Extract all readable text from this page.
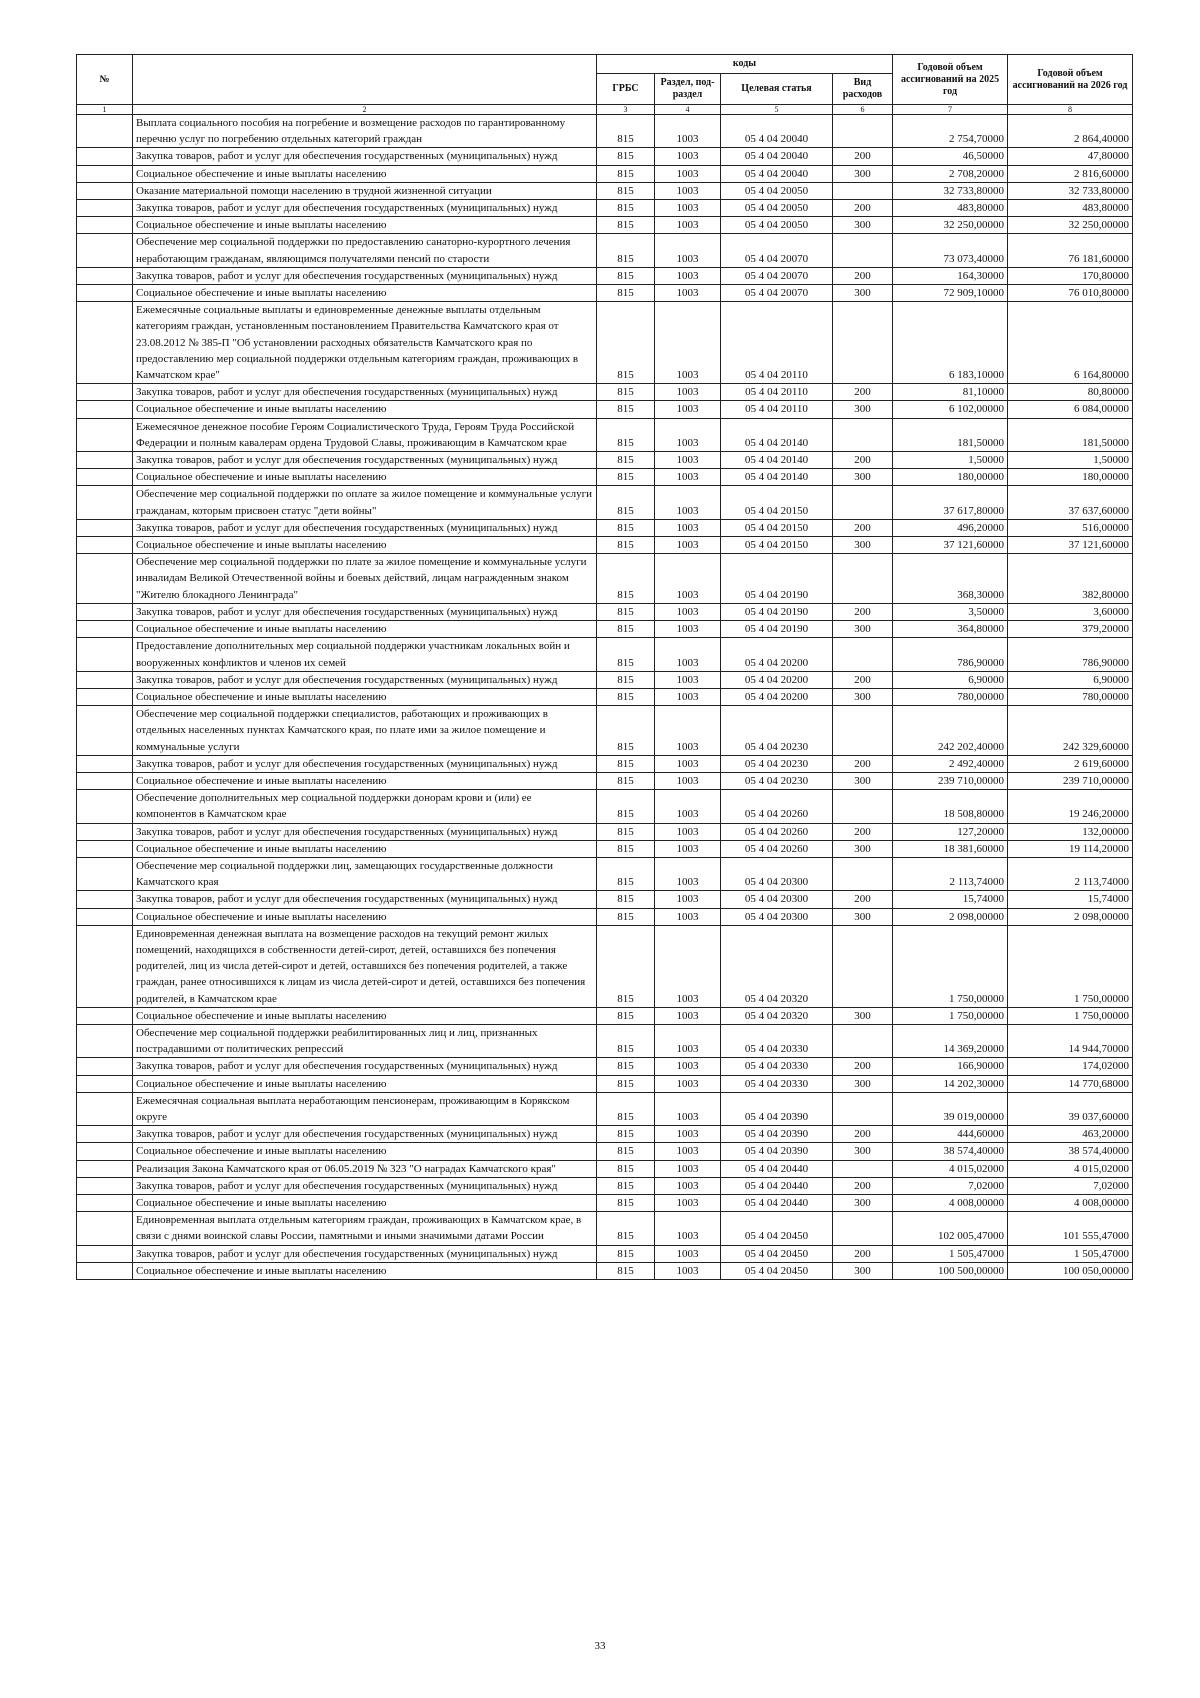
№		коды				Годовой объем ассигнований на 2025 год	Годовой объем ассигнований на 2026 год
		ГРБС	Раздел, под-раздел	Целевая статья	Вид расходов		
1	2	3	4	5	6	7	8
	Выплата социального пособия на погребение и возмещение расходов по гарантированному перечню услуг по погребению отдельных категорий граждан	815	1003	05 4 04 20040		2 754,70000	2 864,40000
	Закупка товаров, работ и услуг для обеспечения государственных (муниципальных) нужд	815	1003	05 4 04 20040	200	46,50000	47,80000
	Социальное обеспечение и иные выплаты населению	815	1003	05 4 04 20040	300	2 708,20000	2 816,60000
	Оказание материальной помощи населению в трудной жизненной ситуации	815	1003	05 4 04 20050		32 733,80000	32 733,80000
	Закупка товаров, работ и услуг для обеспечения государственных (муниципальных) нужд	815	1003	05 4 04 20050	200	483,80000	483,80000
	Социальное обеспечение и иные выплаты населению	815	1003	05 4 04 20050	300	32 250,00000	32 250,00000
	Обеспечение мер социальной поддержки по предоставлению санаторно-курортного лечения неработающим гражданам, являющимся получателями пенсий по старости	815	1003	05 4 04 20070		73 073,40000	76 181,60000
	Закупка товаров, работ и услуг для обеспечения государственных (муниципальных) нужд	815	1003	05 4 04 20070	200	164,30000	170,80000
	Социальное обеспечение и иные выплаты населению	815	1003	05 4 04 20070	300	72 909,10000	76 010,80000
	Ежемесячные социальные выплаты и единовременные денежные выплаты отдельным категориям граждан, установленным постановлением Правительства Камчатского края от 23.08.2012 № 385-П "Об установлении расходных обязательств Камчатского края по предоставлению мер социальной поддержки отдельным категориям граждан, проживающих в Камчатском крае"	815	1003	05 4 04 20110		6 183,10000	6 164,80000
	Закупка товаров, работ и услуг для обеспечения государственных (муниципальных) нужд	815	1003	05 4 04 20110	200	81,10000	80,80000
	Социальное обеспечение и иные выплаты населению	815	1003	05 4 04 20110	300	6 102,00000	6 084,00000
	Ежемесячное денежное пособие Героям Социалистического Труда, Героям Труда Российской Федерации и полным кавалерам ордена Трудовой Славы, проживающим в Камчатском крае	815	1003	05 4 04 20140		181,50000	181,50000
	Закупка товаров, работ и услуг для обеспечения государственных (муниципальных) нужд	815	1003	05 4 04 20140	200	1,50000	1,50000
	Социальное обеспечение и иные выплаты населению	815	1003	05 4 04 20140	300	180,00000	180,00000
	Обеспечение мер социальной поддержки по оплате за жилое помещение и коммунальные услуги гражданам, которым присвоен статус "дети войны"	815	1003	05 4 04 20150		37 617,80000	37 637,60000
	Закупка товаров, работ и услуг для обеспечения государственных (муниципальных) нужд	815	1003	05 4 04 20150	200	496,20000	516,00000
	Социальное обеспечение и иные выплаты населению	815	1003	05 4 04 20150	300	37 121,60000	37 121,60000
	Обеспечение мер социальной поддержки по плате за жилое помещение и коммунальные услуги инвалидам Великой Отечественной войны и боевых действий, лицам награжденным знаком "Жителю блокадного Ленинграда"	815	1003	05 4 04 20190		368,30000	382,80000
	Закупка товаров, работ и услуг для обеспечения государственных (муниципальных) нужд	815	1003	05 4 04 20190	200	3,50000	3,60000
	Социальное обеспечение и иные выплаты населению	815	1003	05 4 04 20190	300	364,80000	379,20000
	Предоставление дополнительных мер социальной поддержки участникам локальных войн и вооруженных конфликтов и членов их семей	815	1003	05 4 04 20200		786,90000	786,90000
	Закупка товаров, работ и услуг для обеспечения государственных (муниципальных) нужд	815	1003	05 4 04 20200	200	6,90000	6,90000
	Социальное обеспечение и иные выплаты населению	815	1003	05 4 04 20200	300	780,00000	780,00000
	Обеспечение мер социальной поддержки специалистов, работающих и проживающих в отдельных населенных пунктах Камчатского края, по плате ими за жилое помещение и коммунальные услуги	815	1003	05 4 04 20230		242 202,40000	242 329,60000
	Закупка товаров, работ и услуг для обеспечения государственных (муниципальных) нужд	815	1003	05 4 04 20230	200	2 492,40000	2 619,60000
	Социальное обеспечение и иные выплаты населению	815	1003	05 4 04 20230	300	239 710,00000	239 710,00000
	Обеспечение дополнительных мер социальной поддержки донорам крови и (или) ее компонентов в Камчатском крае	815	1003	05 4 04 20260		18 508,80000	19 246,20000
	Закупка товаров, работ и услуг для обеспечения государственных (муниципальных) нужд	815	1003	05 4 04 20260	200	127,20000	132,00000
	Социальное обеспечение и иные выплаты населению	815	1003	05 4 04 20260	300	18 381,60000	19 114,20000
	Обеспечение мер социальной поддержки лиц, замещающих государственные должности Камчатского края	815	1003	05 4 04 20300		2 113,74000	2 113,74000
	Закупка товаров, работ и услуг для обеспечения государственных (муниципальных) нужд	815	1003	05 4 04 20300	200	15,74000	15,74000
	Социальное обеспечение и иные выплаты населению	815	1003	05 4 04 20300	300	2 098,00000	2 098,00000
	Единовременная денежная выплата на возмещение расходов на текущий ремонт жилых помещений, находящихся в собственности детей-сирот, детей, оставшихся без попечения родителей, лиц из числа детей-сирот и детей, оставшихся без попечения родителей, а также граждан, ранее относившихся к лицам из числа детей-сирот и детей, оставшихся без попечения родителей, в Камчатском крае	815	1003	05 4 04 20320		1 750,00000	1 750,00000
	Социальное обеспечение и иные выплаты населению	815	1003	05 4 04 20320	300	1 750,00000	1 750,00000
	Обеспечение мер социальной поддержки реабилитированных лиц и лиц, признанных пострадавшими от политических репрессий	815	1003	05 4 04 20330		14 369,20000	14 944,70000
	Закупка товаров, работ и услуг для обеспечения государственных (муниципальных) нужд	815	1003	05 4 04 20330	200	166,90000	174,02000
	Социальное обеспечение и иные выплаты населению	815	1003	05 4 04 20330	300	14 202,30000	14 770,68000
	Ежемесячная социальная выплата неработающим пенсионерам, проживающим в Корякском округе	815	1003	05 4 04 20390		39 019,00000	39 037,60000
	Закупка товаров, работ и услуг для обеспечения государственных (муниципальных) нужд	815	1003	05 4 04 20390	200	444,60000	463,20000
	Социальное обеспечение и иные выплаты населению	815	1003	05 4 04 20390	300	38 574,40000	38 574,40000
	Реализация Закона Камчатского края от 06.05.2019 № 323 "О наградах Камчатского края"	815	1003	05 4 04 20440		4 015,02000	4 015,02000
	Закупка товаров, работ и услуг для обеспечения государственных (муниципальных) нужд	815	1003	05 4 04 20440	200	7,02000	7,02000
	Социальное обеспечение и иные выплаты населению	815	1003	05 4 04 20440	300	4 008,00000	4 008,00000
	Единовременная выплата отдельным категориям граждан, проживающих в Камчатском крае, в связи с днями воинской славы России, памятными и иными значимыми датами России	815	1003	05 4 04 20450		102 005,47000	101 555,47000
	Закупка товаров, работ и услуг для обеспечения государственных (муниципальных) нужд	815	1003	05 4 04 20450	200	1 505,47000	1 505,47000
	Социальное обеспечение и иные выплаты населению	815	1003	05 4 04 20450	300	100 500,00000	100 050,00000
33
